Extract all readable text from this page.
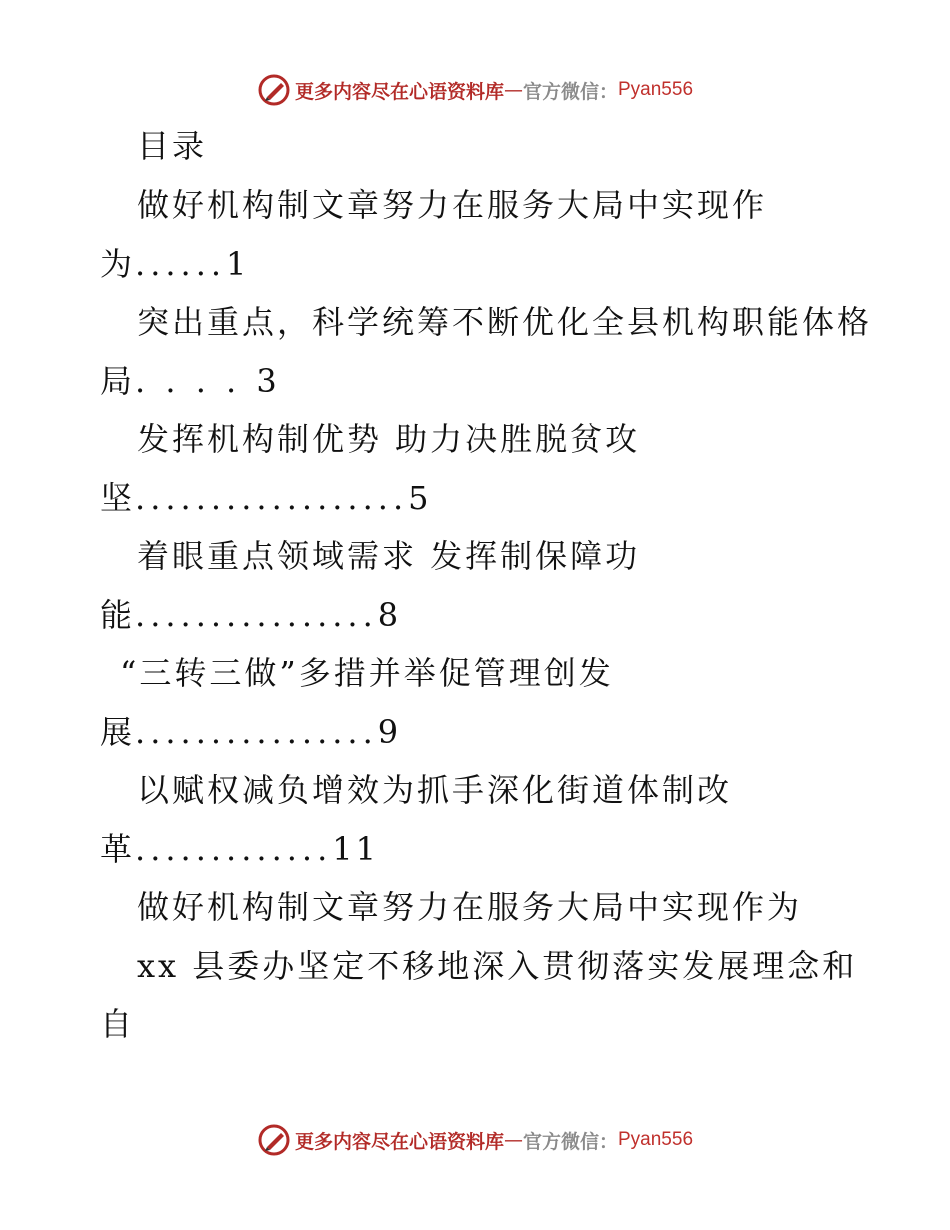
更多内容尽在心语资料库 — 官方微信： Pyan556
目录
做好机构制文章努力在服务大局中实现作
为......1
突出重点，科学统筹不断优化全县机构职能体格
局. . . . 3
发挥机构制优势 助力决胜脱贫攻
坚..................5
着眼重点领域需求 发挥制保障功
能................8
“三转三做”多措并举促管理创发
展................9
以赋权减负增效为抓手深化街道体制改
革.............11
做好机构制文章努力在服务大局中实现作为
xx 县委办坚定不移地深入贯彻落实发展理念和
自
更多内容尽在心语资料库 — 官方微信： Pyan556
